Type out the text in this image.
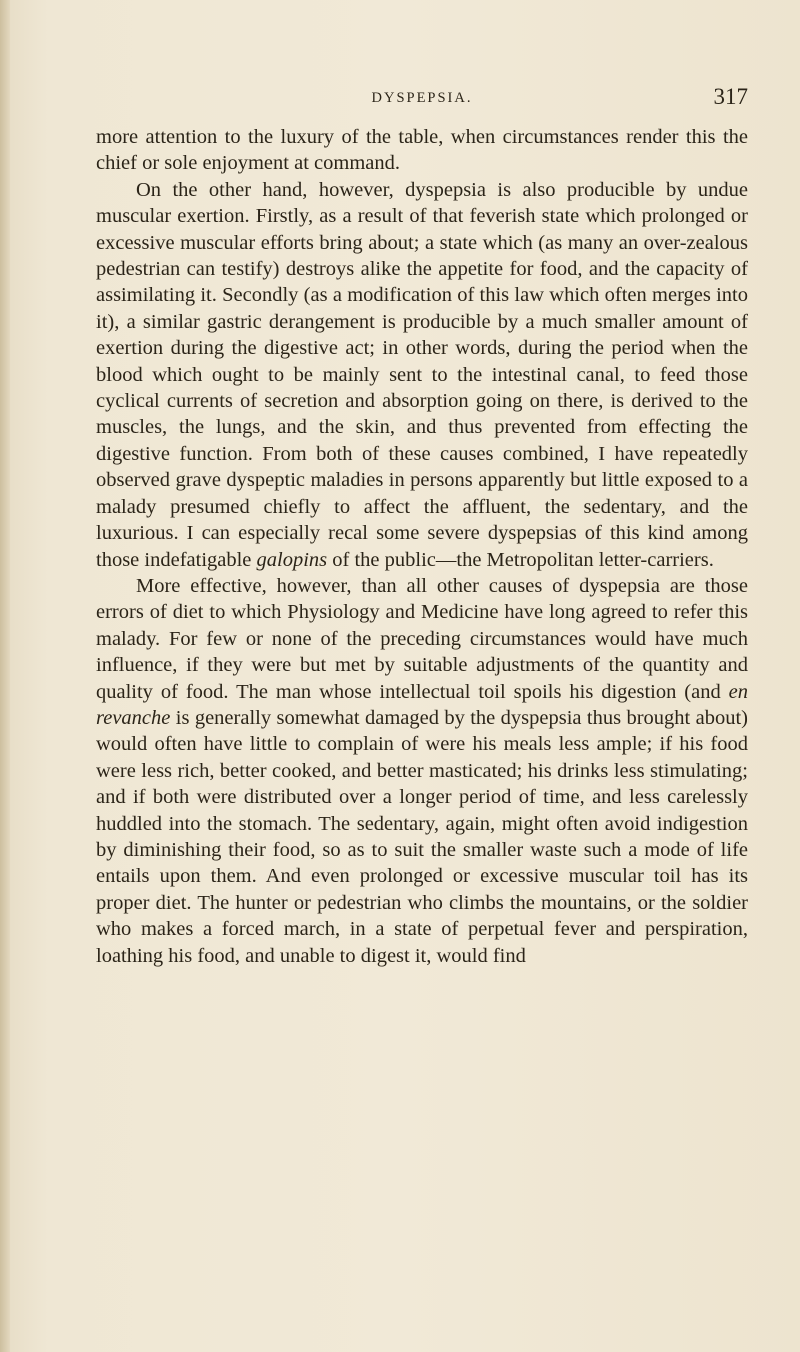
DYSPEPSIA.	317

more attention to the luxury of the table, when circumstances render this the chief or sole enjoyment at command.

On the other hand, however, dyspepsia is also producible by undue muscular exertion. Firstly, as a result of that feverish state which prolonged or excessive muscular efforts bring about; a state which (as many an over-zealous pedestrian can testify) destroys alike the appetite for food, and the capacity of assimilating it. Secondly (as a modification of this law which often merges into it), a similar gastric derangement is producible by a much smaller amount of exertion during the digestive act; in other words, during the period when the blood which ought to be mainly sent to the intestinal canal, to feed those cyclical currents of secretion and absorption going on there, is derived to the muscles, the lungs, and the skin, and thus prevented from effecting the digestive function. From both of these causes combined, I have repeatedly observed grave dyspeptic maladies in persons apparently but little exposed to a malady presumed chiefly to affect the affluent, the sedentary, and the luxurious. I can especially recal some severe dyspepsias of this kind among those indefatigable galopins of the public—the Metropolitan letter-carriers.

More effective, however, than all other causes of dyspepsia are those errors of diet to which Physiology and Medicine have long agreed to refer this malady. For few or none of the preceding circumstances would have much influence, if they were but met by suitable adjustments of the quantity and quality of food. The man whose intellectual toil spoils his digestion (and en revanche is generally somewhat damaged by the dyspepsia thus brought about) would often have little to complain of were his meals less ample; if his food were less rich, better cooked, and better masticated; his drinks less stimulating; and if both were distributed over a longer period of time, and less carelessly huddled into the stomach. The sedentary, again, might often avoid indigestion by diminishing their food, so as to suit the smaller waste such a mode of life entails upon them. And even prolonged or excessive muscular toil has its proper diet. The hunter or pedestrian who climbs the mountains, or the soldier who makes a forced march, in a state of perpetual fever and perspiration, loathing his food, and unable to digest it, would find
